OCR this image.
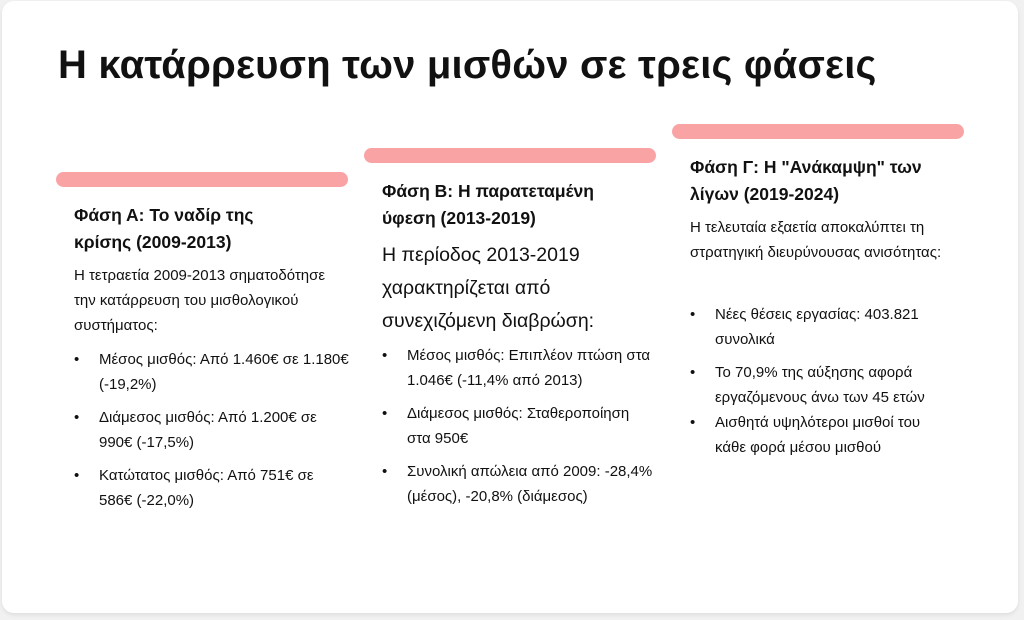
Η κατάρρευση των μισθών σε τρεις φάσεις
Φάση Α: Το ναδίρ της κρίσης (2009-2013)

Η τετραετία 2009-2013 σηματοδότησε την κατάρρευση του μισθολογικού συστήματος:

• Μέσος μισθός: Από 1.460€ σε 1.180€ (-19,2%)
• Διάμεσος μισθός: Από 1.200€ σε 990€ (-17,5%)
• Κατώτατος μισθός: Από 751€ σε 586€ (-22,0%)
Φάση Β: Η παρατεταμένη ύφεση (2013-2019)

Η περίοδος 2013-2019 χαρακτηρίζεται από συνεχιζόμενη διαβρώση:

• Μέσος μισθός: Επιπλέον πτώση στα 1.046€ (-11,4% από 2013)
• Διάμεσος μισθός: Σταθεροποίηση στα 950€
• Συνολική απώλεια από 2009: -28,4% (μέσος), -20,8% (διάμεσος)
Φάση Γ: Η "Ανάκαμψη" των λίγων (2019-2024)

Η τελευταία εξαετία αποκαλύπτει τη στρατηγική διευρύνουσας ανισότητας:

• Νέες θέσεις εργασίας: 403.821 συνολικά
• Το 70,9% της αύξησης αφορά εργαζόμενους άνω των 45 ετών
• Αισθητά υψηλότεροι μισθοί του κάθε φορά μέσου μισθού
